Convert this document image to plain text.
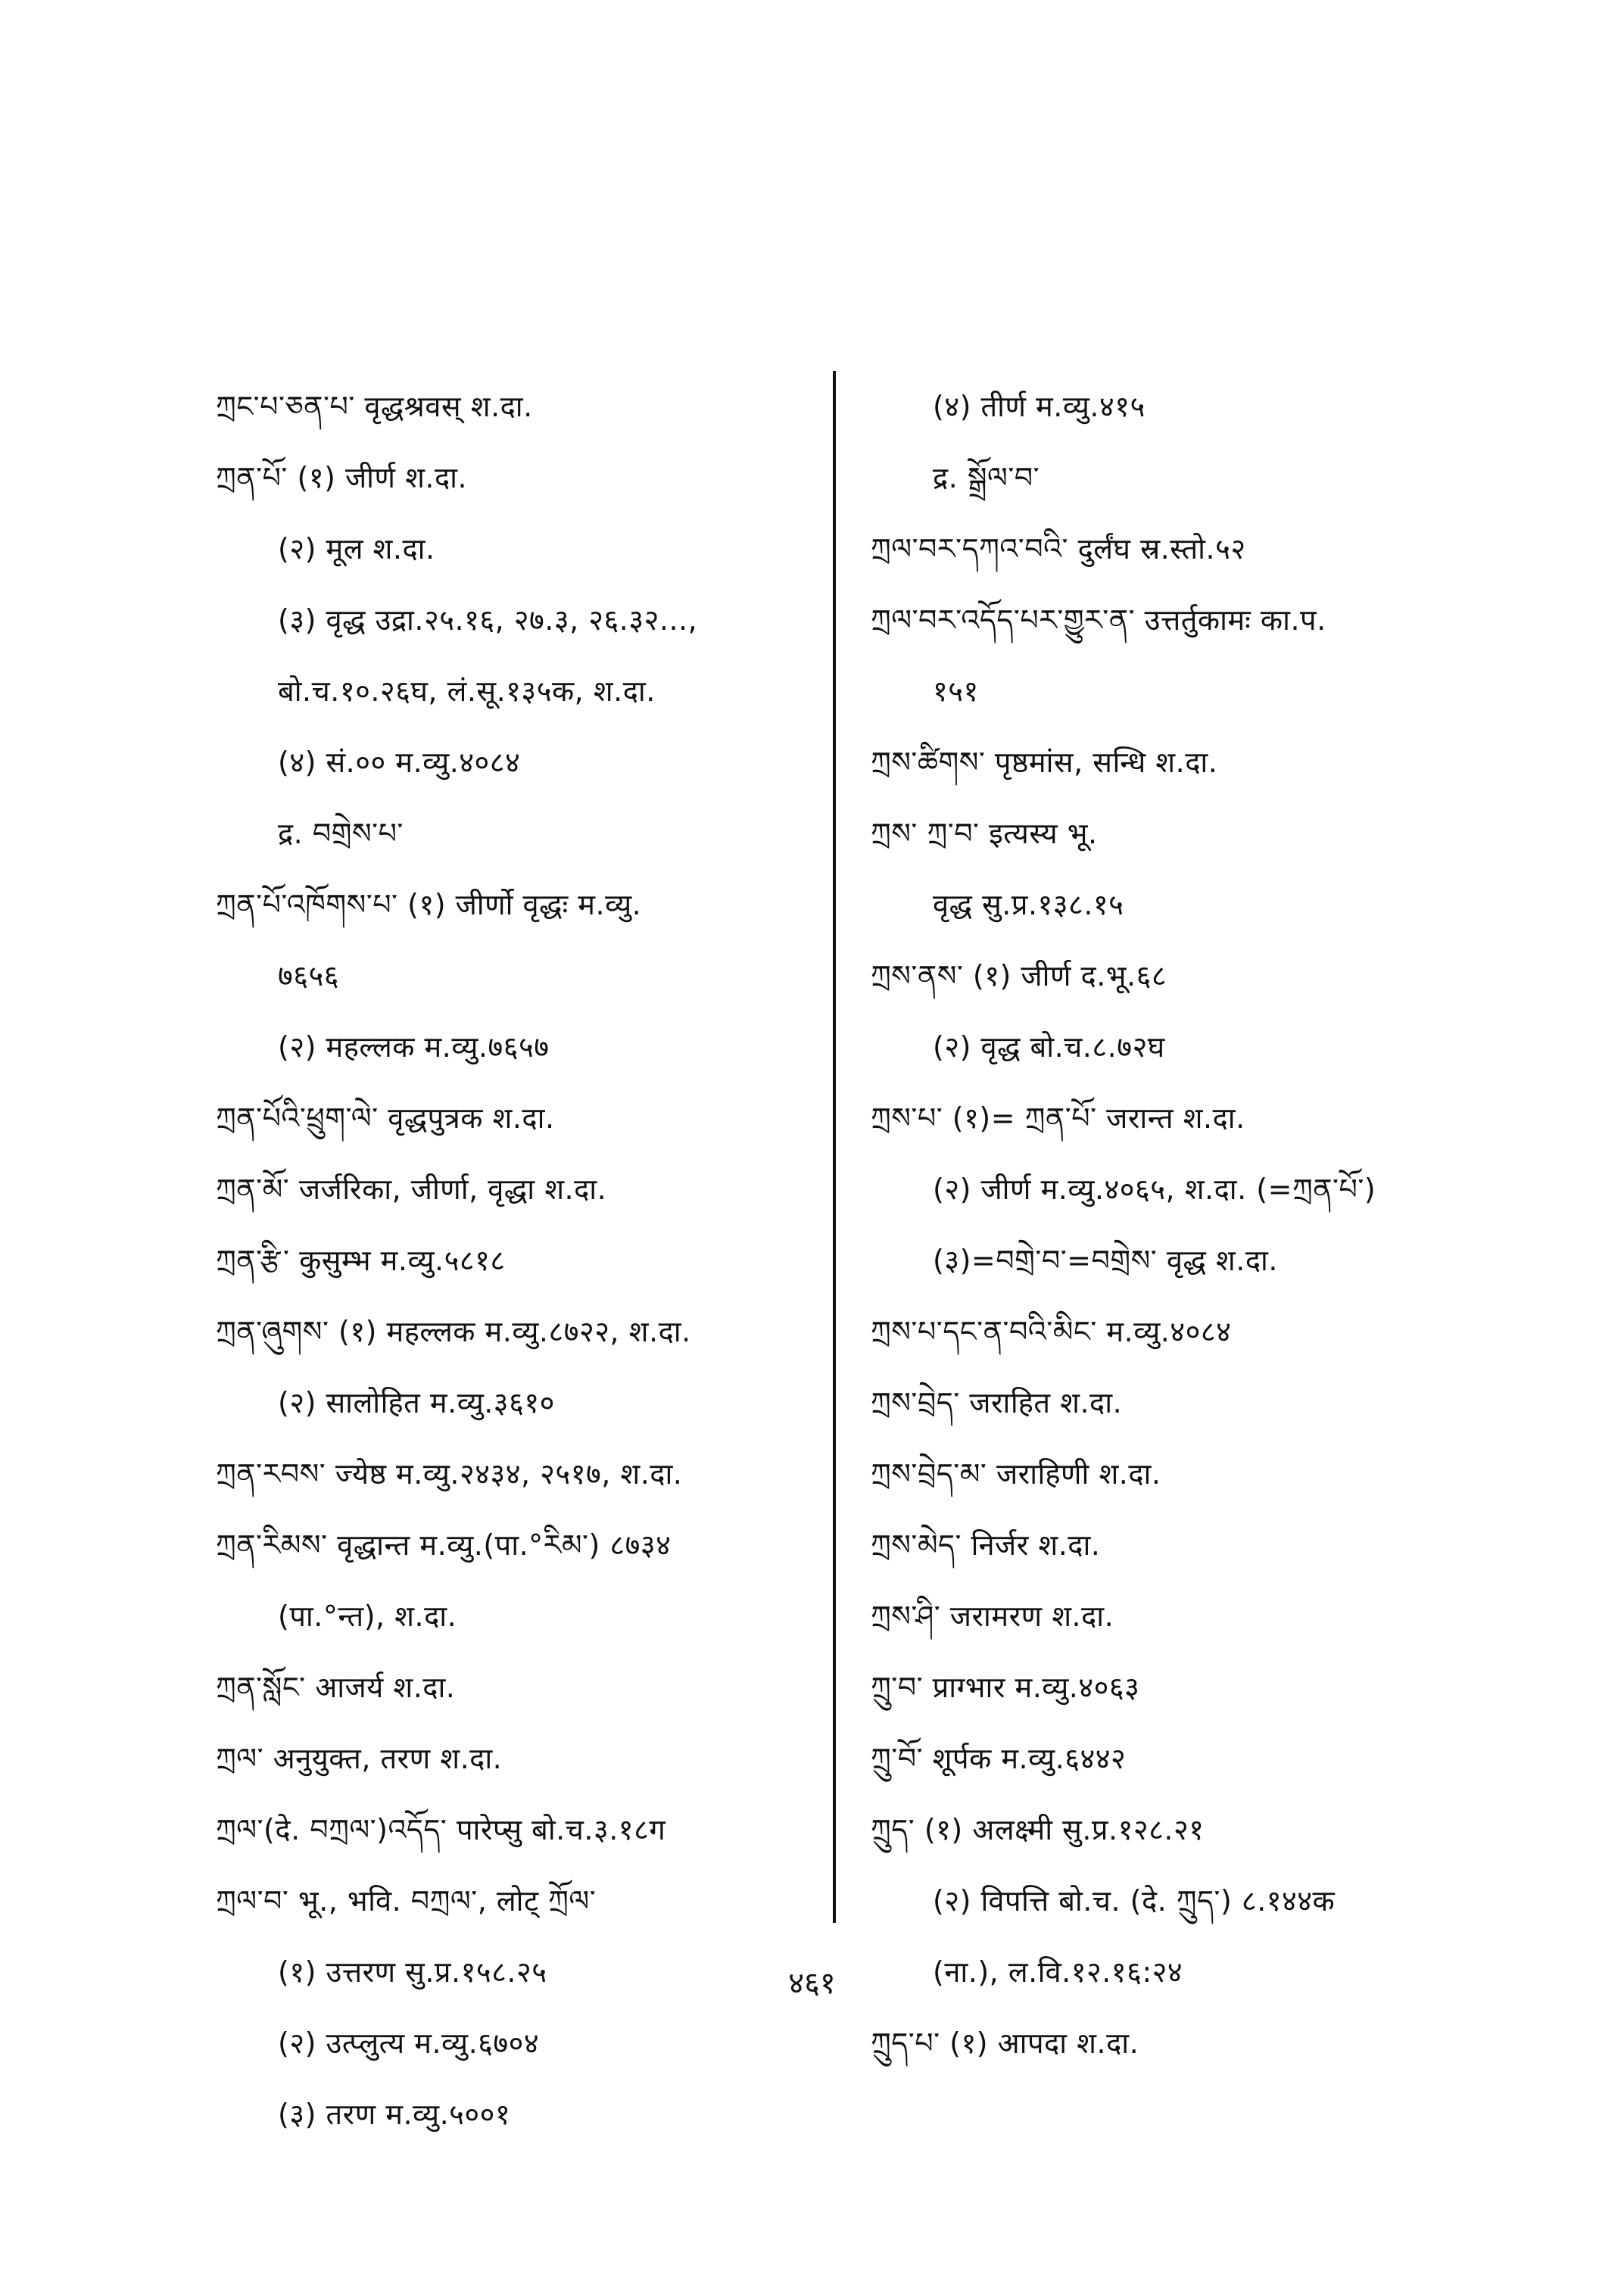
ཀྲང་པ་ཅན་པ་ वृद्धश्रवस् श.दा.
ཀྲན་པོ་ (१) जीर्ण श.दा.
(२) मूल श.दा.
(३) वृद्ध उद्रा.२५.१६, २७.३, २६.३२...,
बो.च.१०.२६घ, लं.सू.१३५क, श.दा.
(४) सं.०० म.व्यु.४०८४
द्र. བགྲེས་པ་
ཀྲན་པོ་འཁོགས་པ་ (१) जीर्णो वृद्धः म.व्यु.
७६५६
(२) महल्लक म.व्यु.७६५७
ཀྲན་པོའི་ཕྲུག་ལེ་ वृद्धपुत्रक श.दा.
ཀྲན་མོ་ जर्जरिका, जीर्णा, वृद्धा श.दा.
ཀྲན་རྩི་ कुसुम्भ म.व्यु.५८१८
ཀྲན་ཞུགས་ (१) महल्लक म.व्यु.८७२२, श.दा.
(२) सालोहित म.व्यु.३६१०
ཀྲན་རབས་ ज्येष्ठ म.व्यु.२४३४, २५१७, श.दा.
ཀྲན་རིམས་ वृद्धान्त म.व्यु.(पा.°རིམ་) ८७३४
(पा.°न्त), श.दा.
ཀྲན་སློང་ आजर्य श.दा.
ཀྲལ་ अनुयुक्त, तरण श.दा.
ཀྲལ་(दे. བཀྲལ་)འདོད་ पारेप्सु बो.च.३.१८ग
ཀྲལ་བ་ भू., भवि. བཀྲལ་, लोट् ཀྲོལ་
(१) उत्तरण सु.प्र.१५८.२५
(२) उत्प्लुत्य म.व्यु.६७०४
(३) तरण म.व्यु.५००१
(४) तीर्ण म.व्यु.४१५
द्र. སྒྲོལ་བ་
ཀྲལ་བར་དཀའ་བའི་ दुर्लंघ स्र.स्तो.५२
ཀྲལ་བར་འདོད་པར་གྱུར་ན་ उत्तर्तुकामः का.प.
१५१
ཀྲས་ཚིགས་ पृष्ठमांस, सन्धि श.दा.
ཀྲས་ ཀྲ་བ་ इत्यस्य भू.
वृद्ध सु.प्र.१३८.१५
ཀྲས་ནས་ (१) जीर्ण द.भू.६८
(२) वृद्ध बो.च.८.७२घ
ཀྲས་པ་ (१)= ཀྲན་པོ་ जरान्त श.दा.
(२) जीर्ण म.व्यु.४०६५, श.दा. (=ཀྲན་པོ་)
(३)=བགྲེ་བ་=བགྲེས་ वृद्ध श.दा.
ཀྲས་པ་དང་ན་བའི་མིང་ म.व्यु.४०८४
ཀྲས་བྲེད་ जराहित श.दा.
ཀྲས་བྲེད་མ་ जराहिणी श.दा.
ཀྲས་མེད་ निर्जर श.दा.
ཀྲས་ཤི་ जरामरण श.दा.
ཀྲུ་བ་ प्राग्भार म.व्यु.४०६३
ཀྲུ་བོ་ शूर्पक म.व्यु.६४४२
ཀྲུད་ (१) अलक्ष्मी सु.प्र.१२८.२१
(२) विपत्ति बो.च. (दे. ཀྲུད་) ८.१४४क
(ना.), ल.वि.१२.१६:२४
ཀྲུད་པ་ (१) आपदा श.दा.
४६१
